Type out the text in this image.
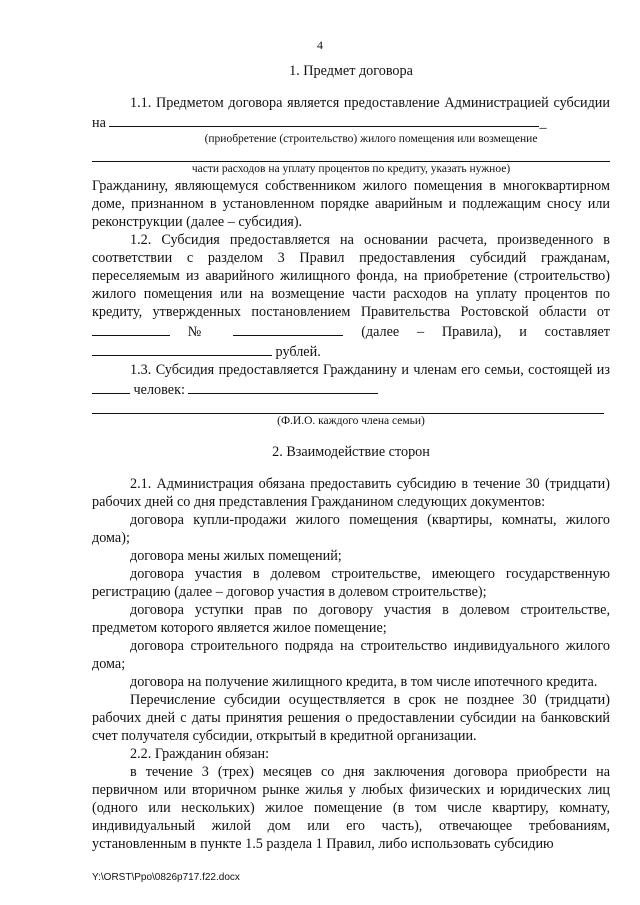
4
1. Предмет договора

1.1. Предметом договора является предоставление Администрацией субсидии на	_

(приобретение (строительство) жилого помещения или возмещение
части расходов на уплату процентов по кредиту, указать нужное)

Гражданину, являющемуся собственником жилого помещения в многоквартирном доме, признанном в установленном порядке аварийным и подлежащим сносу или реконструкции (далее – субсидия).

1.2. Субсидия предоставляется на основании расчета, произведенного в соответствии с разделом 3 Правил предоставления субсидий гражданам, переселяемым из аварийного жилищного фонда, на приобретение (строительство) жилого помещения или на возмещение части расходов на уплату процентов по кредиту, утвержденных постановлением Правительства Ростовской области от  №	(далее – Правила), и составляет  рублей.

1.3. Субсидия предоставляется Гражданину и членам его семьи, состоящей из  человек:

(Ф.И.О. каждого члена семьи)
2. Взаимодействие сторон

2.1. Администрация обязана предоставить субсидию в течение 30 (тридцати) рабочих дней со дня представления Гражданином следующих документов:

договора купли-продажи жилого помещения (квартиры, комнаты, жилого дома);

договора мены жилых помещений;

договора участия в долевом строительстве, имеющего государственную регистрацию (далее – договор участия в долевом строительстве);

договора уступки прав по договору участия в долевом строительстве, предметом которого является жилое помещение;

договора строительного подряда на строительство индивидуального жилого дома;

договора на получение жилищного кредита, в том числе ипотечного кредита.

Перечисление субсидии осуществляется в срок не позднее 30 (тридцати) рабочих дней с даты принятия решения о предоставлении субсидии на банковский счет получателя субсидии, открытый в кредитной организации.

2.2. Гражданин обязан:

в течение 3 (трех) месяцев со дня заключения договора приобрести на первичном или вторичном рынке жилья у любых физических и юридических лиц (одного или нескольких) жилое помещение (в том числе квартиру, комнату, индивидуальный жилой дом или его часть), отвечающее требованиям, установленным в пункте 1.5 раздела 1 Правил, либо использовать субсидию

Y:\ORST\Ppo\0826p717.f22.docx
